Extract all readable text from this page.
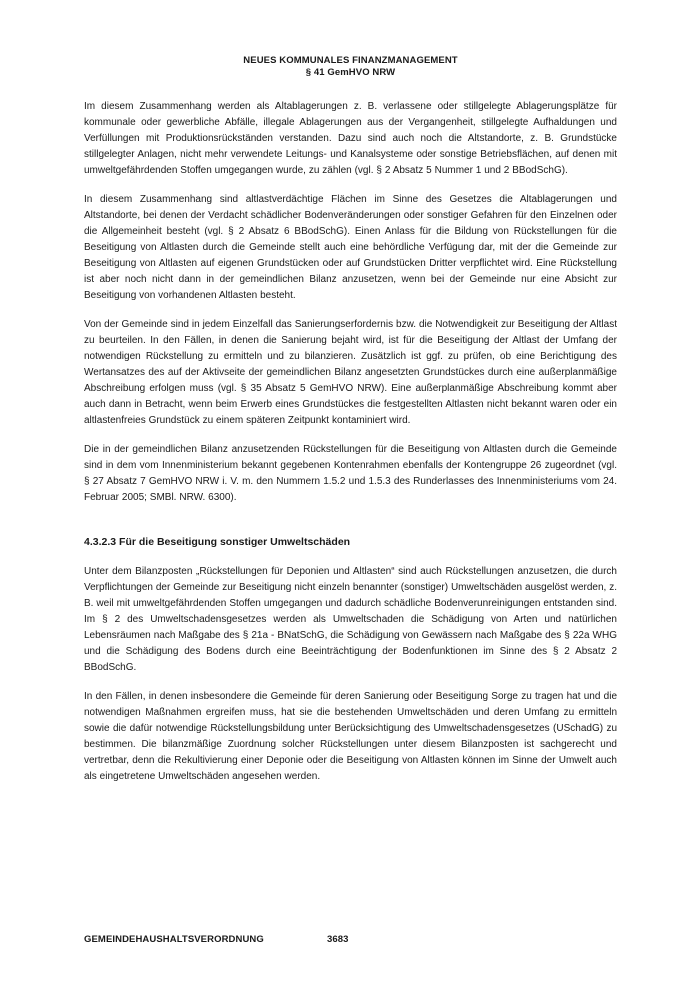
NEUES KOMMUNALES FINANZMANAGEMENT
§ 41 GemHVO NRW

Im diesem Zusammenhang werden als Altablagerungen z. B. verlassene oder stillgelegte Ablagerungsplätze für kommunale oder gewerbliche Abfälle, illegale Ablagerungen aus der Vergangenheit, stillgelegte Aufhaldungen und Verfüllungen mit Produktionsrückständen verstanden. Dazu sind auch noch die Altstandorte, z. B. Grundstücke stillgelegter Anlagen, nicht mehr verwendete Leitungs- und Kanalsysteme oder sonstige Betriebsflächen, auf denen mit umweltgefährdenden Stoffen umgegangen wurde, zu zählen (vgl. § 2 Absatz 5 Nummer 1 und 2 BBodSchG).

In diesem Zusammenhang sind altlastverdächtige Flächen im Sinne des Gesetzes die Altablagerungen und Altstandorte, bei denen der Verdacht schädlicher Bodenveränderungen oder sonstiger Gefahren für den Einzelnen oder die Allgemeinheit besteht (vgl. § 2 Absatz 6 BBodSchG). Einen Anlass für die Bildung von Rückstellungen für die Beseitigung von Altlasten durch die Gemeinde stellt auch eine behördliche Verfügung dar, mit der die Gemeinde zur Beseitigung von Altlasten auf eigenen Grundstücken oder auf Grundstücken Dritter verpflichtet wird. Eine Rückstellung ist aber noch nicht dann in der gemeindlichen Bilanz anzusetzen, wenn bei der Gemeinde nur eine Absicht zur Beseitigung von vorhandenen Altlasten besteht.

Von der Gemeinde sind in jedem Einzelfall das Sanierungserfordernis bzw. die Notwendigkeit zur Beseitigung der Altlast zu beurteilen. In den Fällen, in denen die Sanierung bejaht wird, ist für die Beseitigung der Altlast der Umfang der notwendigen Rückstellung zu ermitteln und zu bilanzieren. Zusätzlich ist ggf. zu prüfen, ob eine Berichtigung des Wertansatzes des auf der Aktivseite der gemeindlichen Bilanz angesetzten Grundstückes durch eine außerplanmäßige Abschreibung erfolgen muss (vgl. § 35 Absatz 5 GemHVO NRW). Eine außerplanmäßige Abschreibung kommt aber auch dann in Betracht, wenn beim Erwerb eines Grundstückes die festgestellten Altlasten nicht bekannt waren oder ein altlastenfreies Grundstück zu einem späteren Zeitpunkt kontaminiert wird.

Die in der gemeindlichen Bilanz anzusetzenden Rückstellungen für die Beseitigung von Altlasten durch die Gemeinde sind in dem vom Innenministerium bekannt gegebenen Kontenrahmen ebenfalls der Kontengruppe 26 zugeordnet (vgl. § 27 Absatz 7 GemHVO NRW i. V. m. den Nummern 1.5.2 und 1.5.3 des Runderlasses des Innenministeriums vom 24. Februar 2005; SMBl. NRW. 6300).

4.3.2.3 Für die Beseitigung sonstiger Umweltschäden

Unter dem Bilanzposten „Rückstellungen für Deponien und Altlasten“ sind auch Rückstellungen anzusetzen, die durch Verpflichtungen der Gemeinde zur Beseitigung nicht einzeln benannter (sonstiger) Umweltschäden ausgelöst werden, z. B. weil mit umweltgefährdenden Stoffen umgegangen und dadurch schädliche Bodenverunreinigungen entstanden sind. Im § 2 des Umweltschadensgesetzes werden als Umweltschaden die Schädigung von Arten und natürlichen Lebensräumen nach Maßgabe des § 21a - BNatSchG, die Schädigung von Gewässern nach Maßgabe des § 22a WHG und die Schädigung des Bodens durch eine Beeinträchtigung der Bodenfunktionen im Sinne des § 2 Absatz 2 BBodSchG.

In den Fällen, in denen insbesondere die Gemeinde für deren Sanierung oder Beseitigung Sorge zu tragen hat und die notwendigen Maßnahmen ergreifen muss, hat sie die bestehenden Umweltschäden und deren Umfang zu ermitteln sowie die dafür notwendige Rückstellungsbildung unter Berücksichtigung des Umweltschadensgesetzes (USchadG) zu bestimmen. Die bilanzmäßige Zuordnung solcher Rückstellungen unter diesem Bilanzposten ist sachgerecht und vertretbar, denn die Rekultivierung einer Deponie oder die Beseitigung von Altlasten können im Sinne der Umwelt auch als eingetretene Umweltschäden angesehen werden.

GEMEINDEHAUSHALTSVERORDNUNG	3683
